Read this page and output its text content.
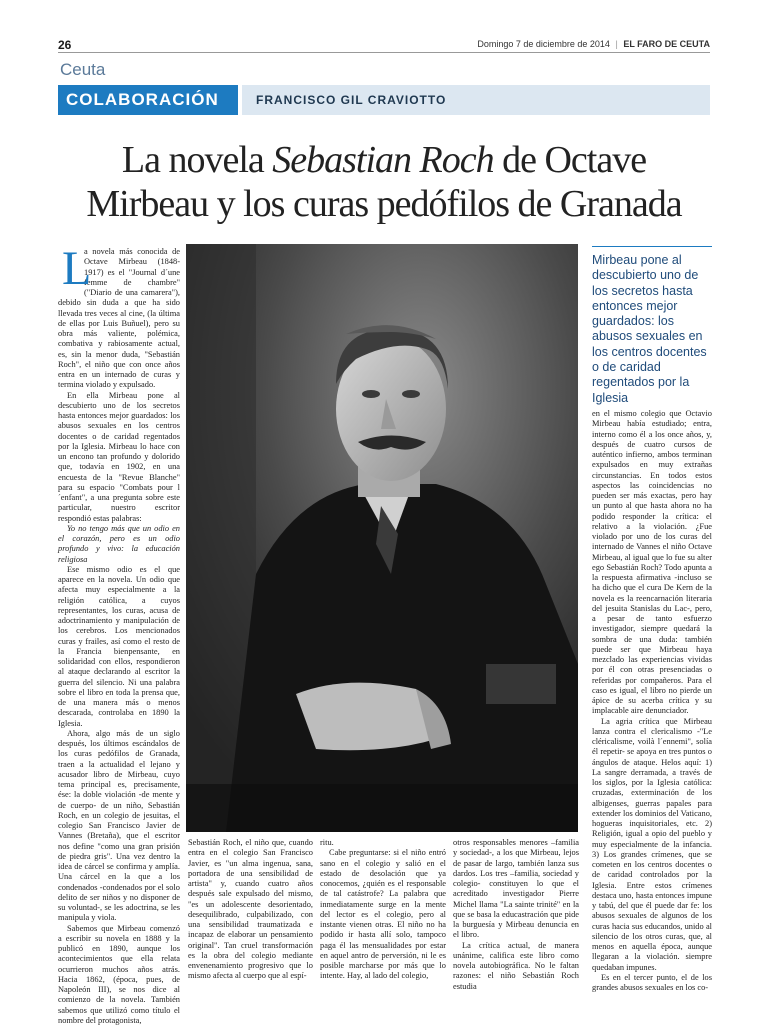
26	Domingo 7 de diciembre de 2014 | EL FARO DE CEUTA
Ceuta
COLABORACIÓN	FRANCISCO GIL CRAVIOTTO
La novela Sebastian Roch de Octave
Mirbeau y los curas pedófilos de Granada
Mirbeau pone al descubierto uno de los secretos hasta entonces mejor guardados: los abusos sexuales en los centros docentes o de caridad regentados por la Iglesia
L

a novela más conocida de Octave Mirbeau (1848-1917) es el "Journal d´une femme de chambre" ("Diario de una camarera"), debido sin duda a que ha sido llevada tres veces al cine, (la última de ellas por Luis Buñuel), pero su obra más valiente, polémica, combativa y rabiosamente actual, es, sin la menor duda, "Sebastián Roch", el niño que con once años entra en un internado de curas y termina violado y expulsado.

En ella Mirbeau pone al descubierto uno de los secretos hasta entonces mejor guardados: los abusos sexuales en los centros docentes o de caridad regentados por la Iglesia. Mirbeau lo hace con un encono tan profundo y dolorido que, todavía en 1902, en una encuesta de la "Revue Blanche" para su espacio "Combats pour l´enfant", a una pregunta sobre este particular, nuestro escritor respondió estas palabras:

Yo no tengo más que un odio en el corazón, pero es un odio profundo y vivo: la educación religiosa

Ese mismo odio es el que aparece en la novela. Un odio que afecta muy especialmente a la religión católica, a cuyos representantes, los curas, acusa de adoctrinamiento y manipulación de los cerebros. Los mencionados curas y frailes, así como el resto de la Francia bienpensante, en solidaridad con ellos, respondieron al ataque declarando al escritor la guerra del silencio. Ni una palabra sobre el libro en toda la prensa que, de una manera más o menos descarada, controlaba en 1890 la Iglesia.

Ahora, algo más de un siglo después, los últimos escándalos de los curas pedófilos de Granada, traen a la actualidad el lejano y acusador libro de Mirbeau, cuyo tema principal es, precisamente, ése: la doble violación -de mente y de cuerpo- de un niño, Sebastián Roch, en un colegio de jesuitas, el colegio San Francisco Javier de Vannes (Bretaña), que el escritor nos define "como una gran prisión de piedra gris". Una vez dentro la idea de cárcel se confirma y amplía. Una cárcel en la que a los condenados -condenados por el solo delito de ser niños y no disponer de su voluntad-, se les adoctrina, se les manipula y viola.

Sabemos que Mirbeau comenzó a escribir su novela en 1888 y la publicó en 1890, aunque los acontecimientos que ella relata ocurrieron muchos años atrás. Hacia 1862, (época, pues, de Napoleón III), se nos dice al comienzo de la novela. También sabemos que utilizó como título el nombre del protagonista,

Sebastián Roch, el niño que, cuando entra en el colegio San Francisco Javier, es "un alma ingenua, sana, portadora de una sensibilidad de artista" y, cuando cuatro años después sale expulsado del mismo, "es un adolescente desorientado, desequilibrado, culpabilizado, con una sensibilidad traumatizada e incapaz de elaborar un pensamiento original". Tan cruel transformación es la obra del colegio mediante envenenamiento progresivo que lo mismo afecta al cuerpo que al espí-

ritu.

Cabe preguntarse: si el niño entró sano en el colegio y salió en el estado de desolación que ya conocemos, ¿quién es el responsable de tal catástrofe? La palabra que inmediatamente surge en la mente del lector es el colegio, pero al instante vienen otras. El niño no ha podido ir hasta allí solo, tampoco paga él las mensualidades por estar en aquel antro de perversión, ni le es posible marcharse por más que lo intente. Hay, al lado del colegio,

otros responsables menores –familia y sociedad-, a los que Mirbeau, lejos de pasar de largo, también lanza sus dardos. Los tres –familia, sociedad y colegio- constituyen lo que el acreditado investigador Pierre Michel llama "La sainte trinité" en la que se basa la educastración que pide la burguesía y Mirbeau denuncia en el libro.

La crítica actual, de manera unánime, califica este libro como novela autobiográfica. No le faltan razones: el niño Sebastián Roch estudia

en el mismo colegio que Octavio Mirbeau había estudiado; entra, interno como él a los once años, y, después de cuatro cursos de auténtico infierno, ambos terminan expulsados en muy extrañas circunstancias. En todos estos aspectos las coincidencias no pueden ser más exactas, pero hay un punto al que hasta ahora no ha podido responder la crítica: el relativo a la violación. ¿Fue violado por uno de los curas del internado de Vannes el niño Octave Mirbeau, al igual que lo fue su alter ego Sebastián Roch? Todo apunta a la respuesta afirmativa -incluso se ha dicho que el cura De Kern de la novela es la reencarnación literaria del jesuita Stanislas du Lac-, pero, a pesar de tanto esfuerzo investigador, siempre quedará la sombra de una duda: también puede ser que Mirbeau haya mezclado las experiencias vividas por él con otras presenciadas o referidas por compañeros. Para el caso es igual, el libro no pierde un ápice de su acerba crítica y su implacable aire denunciador.

La agria crítica que Mirbeau lanza contra el clericalismo -"Le cléricalisme, voilà l´ennemi", solía él repetir- se apoya en tres puntos o ángulos de ataque. Helos aquí: 1) La sangre derramada, a través de los siglos, por la Iglesia católica: cruzadas, exterminación de los albigenses, guerras papales para extender los dominios del Vaticano, hogueras inquisitoriales, etc. 2) Religión, igual a opio del pueblo y muy especialmente de la infancia. 3) Los grandes crímenes, que se cometen en los centros docentes o de caridad controlados por la Iglesia. Entre estos crímenes destaca uno, hasta entonces impune y tabú, del que él puede dar fe: los abusos sexuales de algunos de los curas hacia sus educandos, unido al silencio de los otros curas, que, al menos en aquella época, aunque llegaran a la violación. siempre quedaban impunes.

Es en el tercer punto, el de los grandes abusos sexuales en los co-
